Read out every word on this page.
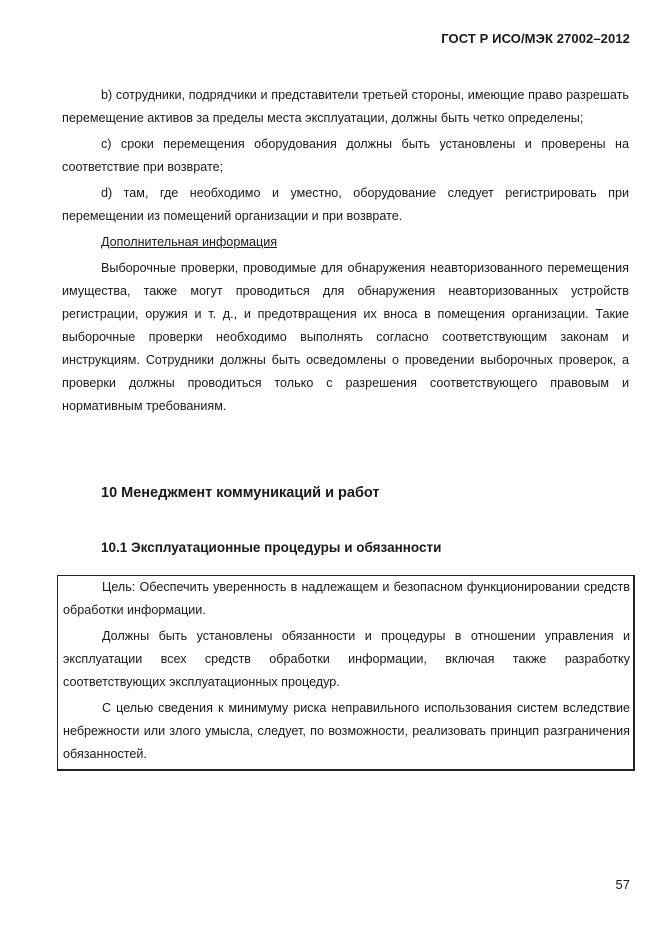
ГОСТ Р ИСО/МЭК 27002–2012

b) сотрудники, подрядчики и представители третьей стороны, имеющие право разрешать перемещение активов за пределы места эксплуатации, должны быть четко определены;

c) сроки перемещения оборудования должны быть установлены и проверены на соответствие при возврате;

d) там, где необходимо и уместно, оборудование следует регистрировать при перемещении из помещений организации и при возврате.

Дополнительная информация

Выборочные проверки, проводимые для обнаружения неавторизованного перемещения имущества, также могут проводиться для обнаружения неавторизованных устройств регистрации, оружия и т. д., и предотвращения их вноса в помещения организации. Такие выборочные проверки необходимо выполнять согласно соответствующим законам и инструкциям. Сотрудники должны быть осведомлены о проведении выборочных проверок, а проверки должны проводиться только с разрешения соответствующего правовым и нормативным требованиям.

10 Менеджмент коммуникаций и работ
10.1 Эксплуатационные процедуры и обязанности

Цель: Обеспечить уверенность в надлежащем и безопасном функционировании средств обработки информации.

Должны быть установлены обязанности и процедуры в отношении управления и эксплуатации всех средств обработки информации, включая также разработку соответствующих эксплуатационных процедур.

С целью сведения к минимуму риска неправильного использования систем вследствие небрежности или злого умысла, следует, по возможности, реализовать принцип разграничения обязанностей.

57
